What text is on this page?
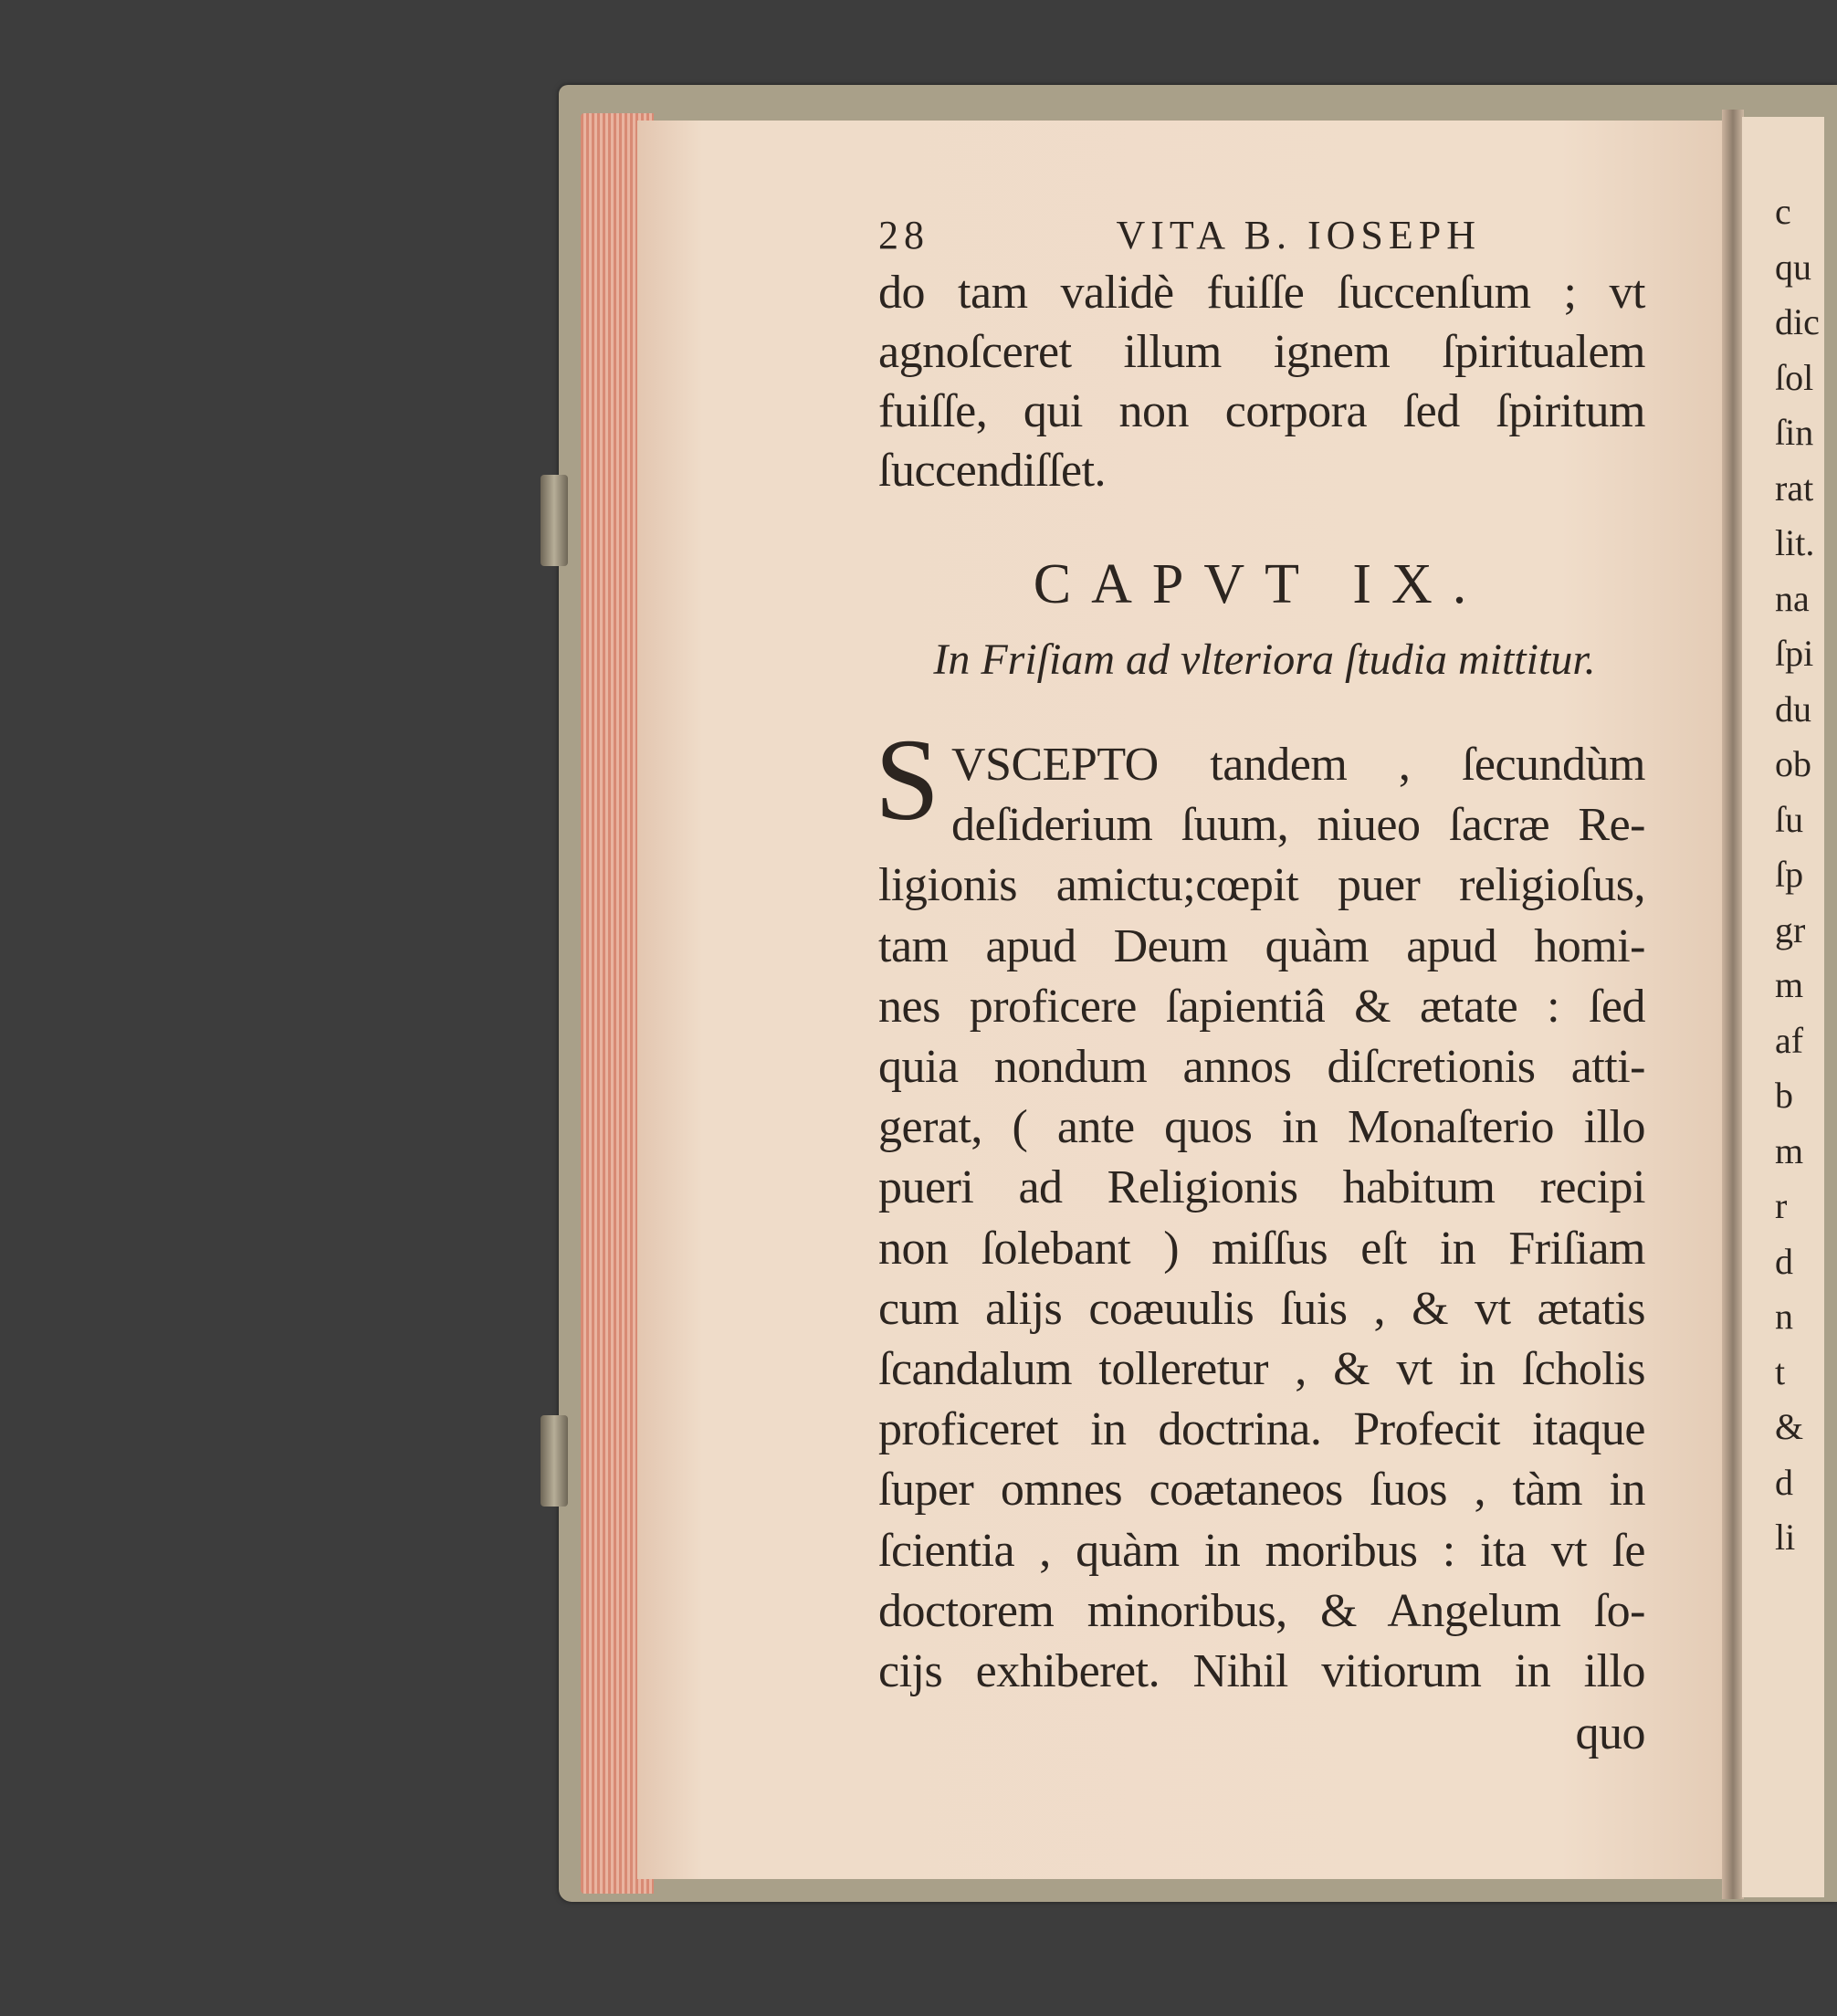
28	VITA B. IOSEPH
do tam validè fuiſſe ſuccenſum ; vt
agnoſceret illum ignem ſpiritualem
fuiſſe, qui non corpora ſed ſpiritum
ſuccendiſſet.
CAPVT IX.
In Friſiam ad vlteriora ſtudia mittitur.
S VSCEPTO tandem , ſecundùm
deſiderium ſuum, niueo ſacræ Re-
ligionis amictu;cœpit puer religioſus,
tam apud Deum quàm apud homi-
nes proficere ſapientiâ & ætate : ſed
quia nondum annos diſcretionis atti-
gerat, ( ante quos in Monaſterio illo
pueri ad Religionis habitum recipi
non ſolebant ) miſſus eſt in Friſiam
cum alijs coæuulis ſuis , & vt ætatis
ſcandalum tolleretur , & vt in ſcholis
proficeret in doctrina. Profecit itaque
ſuper omnes coætaneos ſuos , tàm in
ſcientia , quàm in moribus : ita vt ſe
doctorem minoribus, & Angelum ſo-
cijs exhiberet. Nihil vitiorum in illo
quo
c
qu
dic
ſol
ſin
rat
lit.
na
ſpi
du
ob
ſu
ſp
gr
m
af
b
m
r
d
n
t
&
d
li
